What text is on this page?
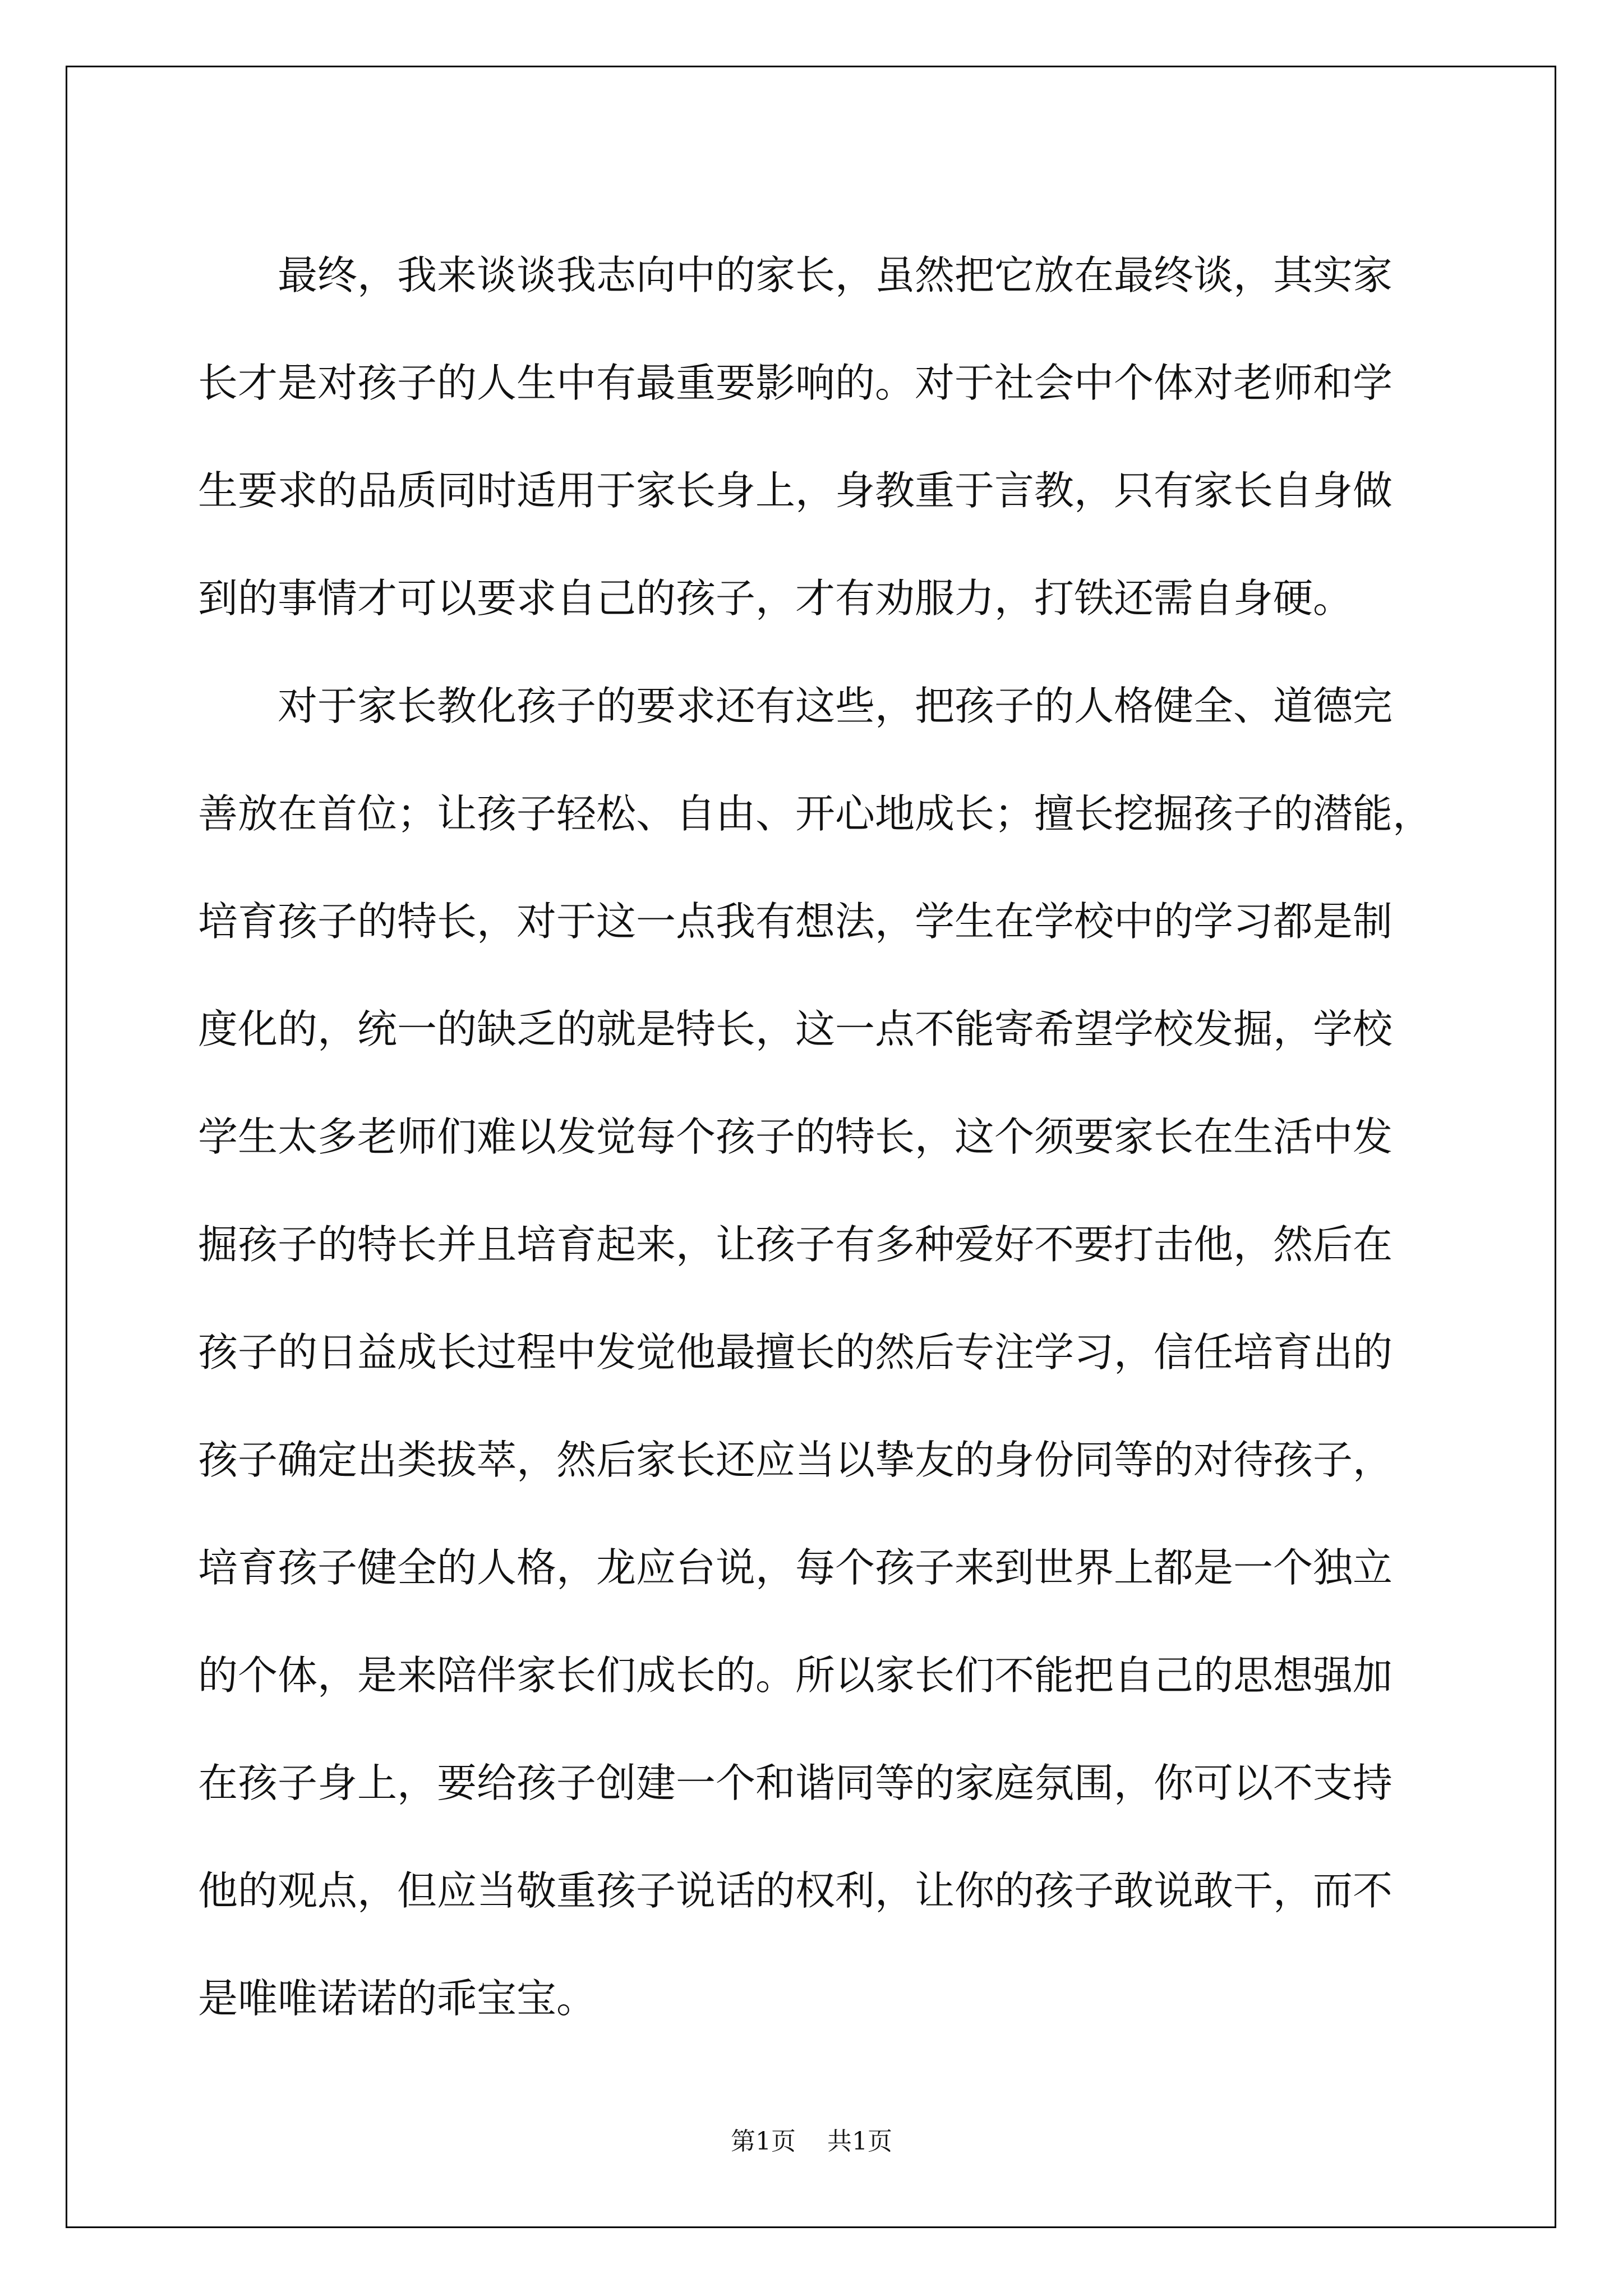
　　最终，我来谈谈我志向中的家长，虽然把它放在最终谈，其实家
长才是对孩子的人生中有最重要影响的。对于社会中个体对老师和学
生要求的品质同时适用于家长身上，身教重于言教，只有家长自身做
到的事情才可以要求自己的孩子，才有劝服力，打铁还需自身硬。

　　对于家长教化孩子的要求还有这些，把孩子的人格健全、道德完
善放在首位；让孩子轻松、自由、开心地成长；擅长挖掘孩子的潜能，
培育孩子的特长，对于这一点我有想法，学生在学校中的学习都是制
度化的，统一的缺乏的就是特长，这一点不能寄希望学校发掘，学校
学生太多老师们难以发觉每个孩子的特长，这个须要家长在生活中发
掘孩子的特长并且培育起来，让孩子有多种爱好不要打击他，然后在
孩子的日益成长过程中发觉他最擅长的然后专注学习，信任培育出的
孩子确定出类拔萃，然后家长还应当以挚友的身份同等的对待孩子，
培育孩子健全的人格，龙应台说，每个孩子来到世界上都是一个独立
的个体，是来陪伴家长们成长的。所以家长们不能把自己的思想强加
在孩子身上，要给孩子创建一个和谐同等的家庭氛围，你可以不支持
他的观点，但应当敬重孩子说话的权利，让你的孩子敢说敢干，而不
是唯唯诺诺的乖宝宝。

第1页 共1页
